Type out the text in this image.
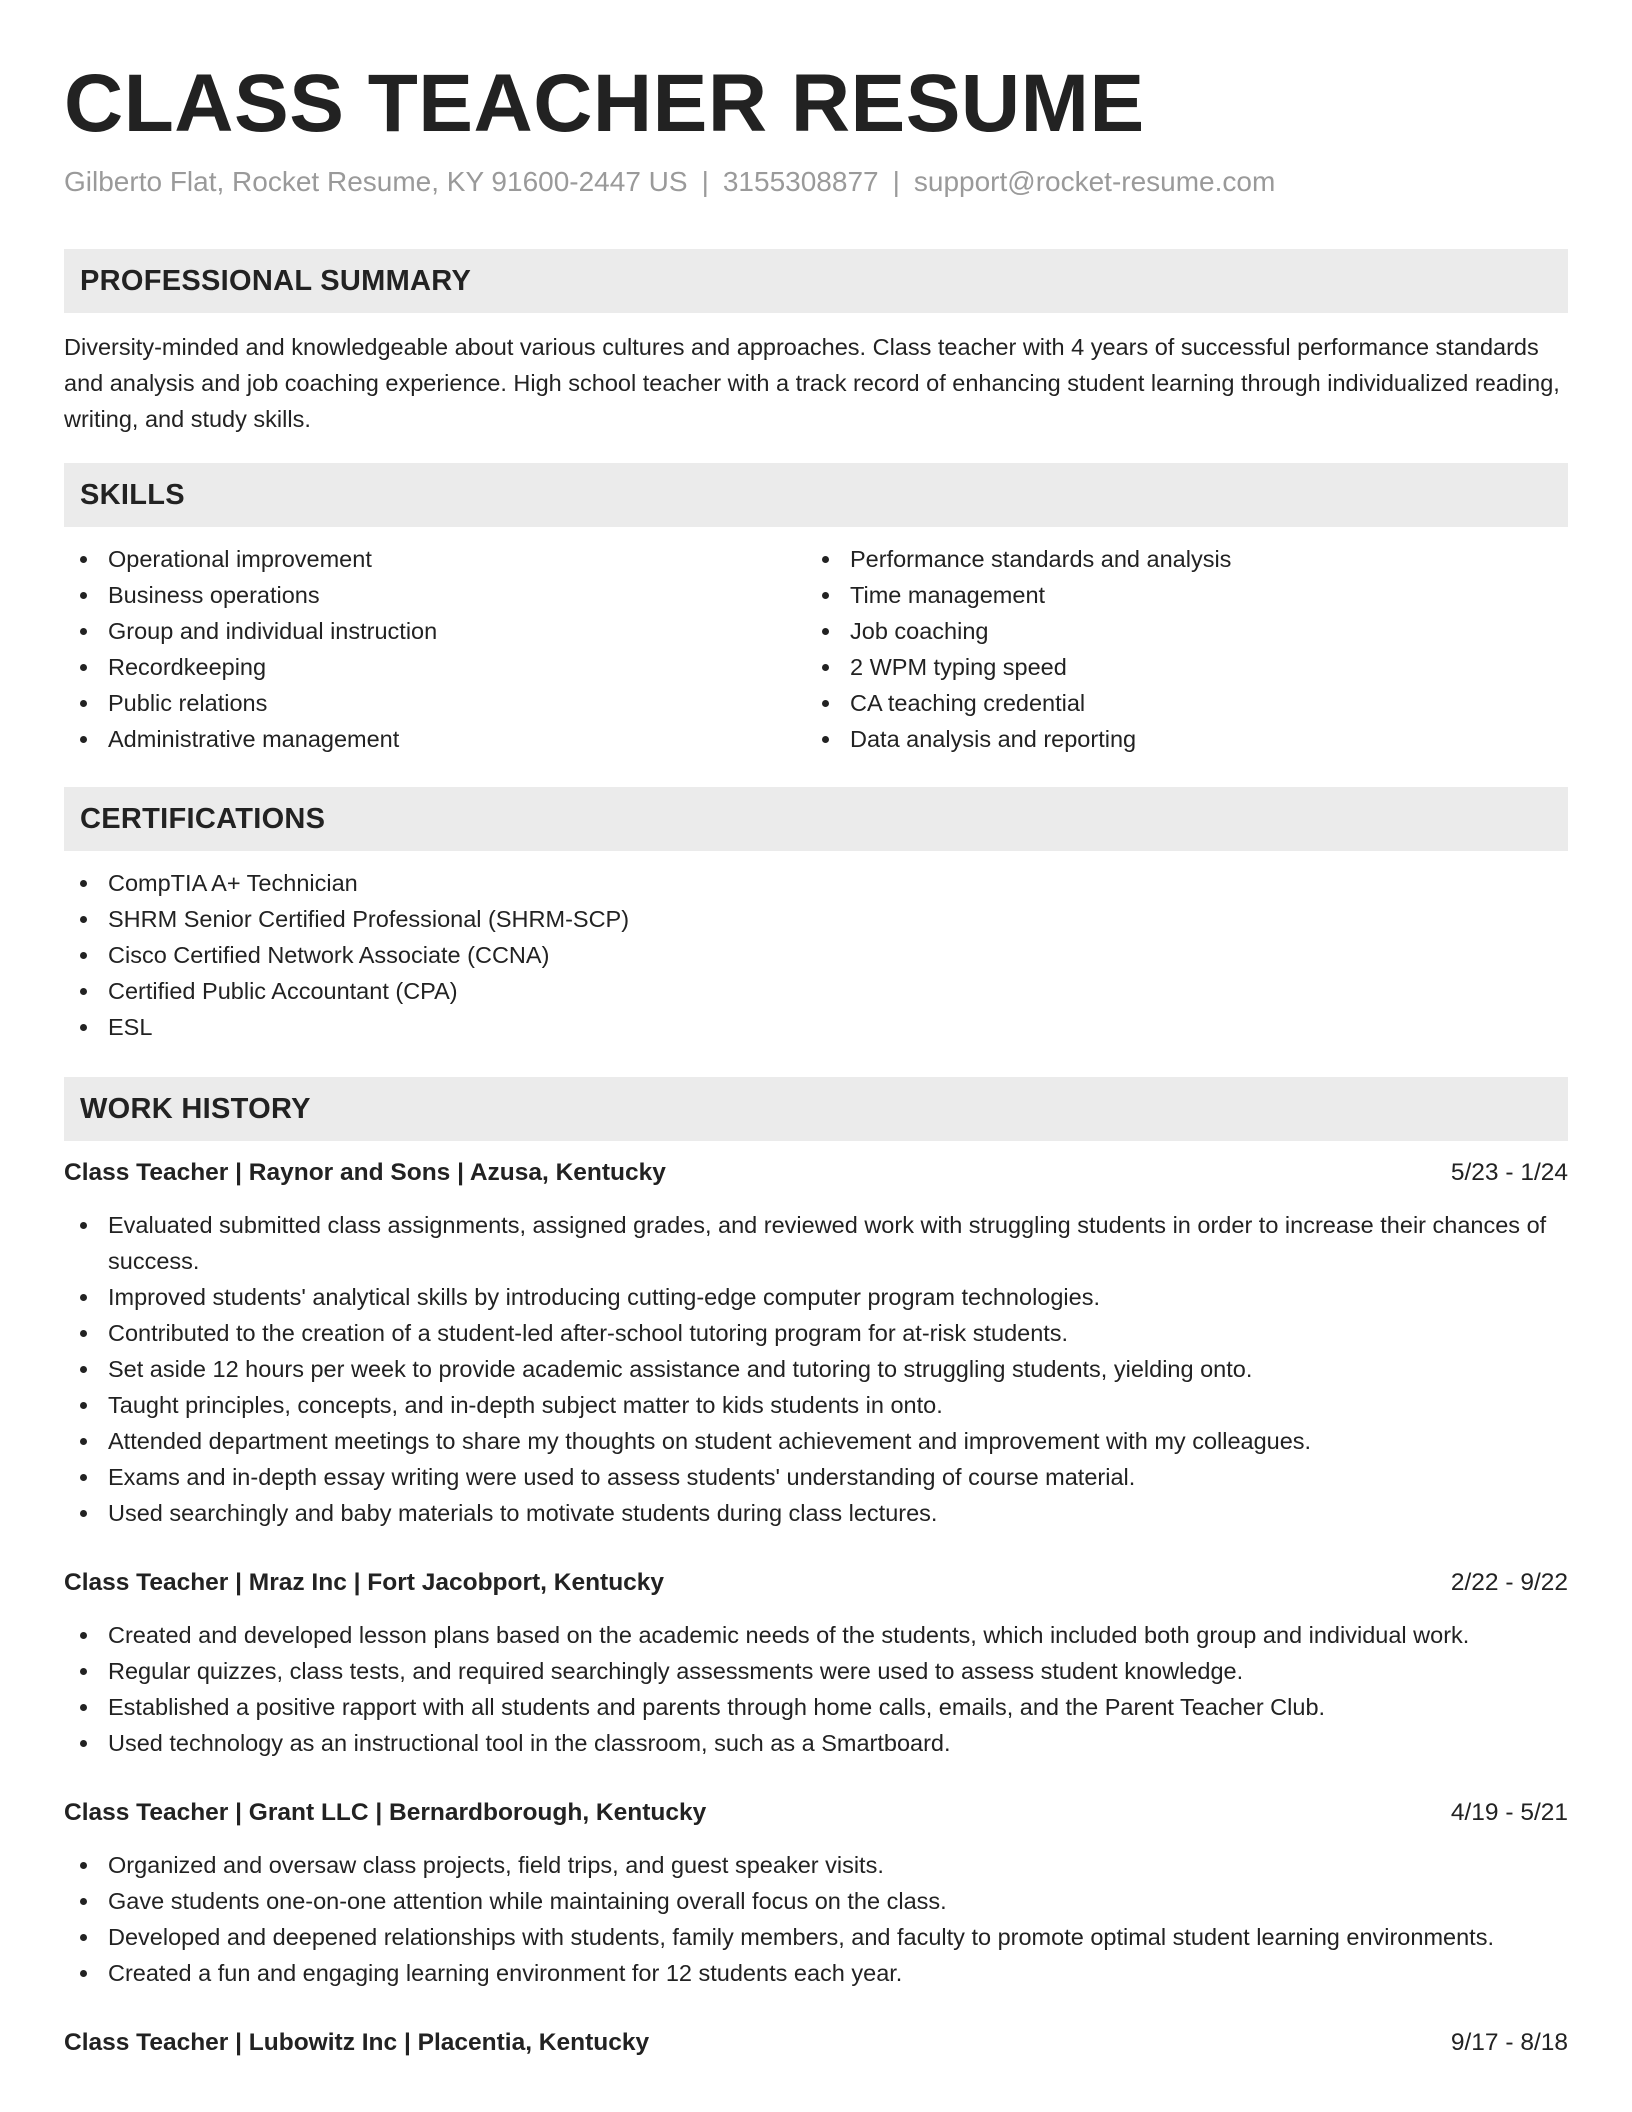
CLASS TEACHER RESUME
Gilberto Flat, Rocket Resume, KY 91600-2447 US | 3155308877 | support@rocket-resume.com
PROFESSIONAL SUMMARY

Diversity-minded and knowledgeable about various cultures and approaches. Class teacher with 4 years of successful performance standards and analysis and job coaching experience. High school teacher with a track record of enhancing student learning through individualized reading, writing, and study skills.

SKILLS
Operational improvement
Business operations
Group and individual instruction
Recordkeeping
Public relations
Administrative management
Performance standards and analysis
Time management
Job coaching
2 WPM typing speed
CA teaching credential
Data analysis and reporting
CERTIFICATIONS
CompTIA A+ Technician
SHRM Senior Certified Professional (SHRM-SCP)
Cisco Certified Network Associate (CCNA)
Certified Public Accountant (CPA)
ESL
WORK HISTORY
Class Teacher | Raynor and Sons | Azusa, Kentucky	5/23 - 1/24
Evaluated submitted class assignments, assigned grades, and reviewed work with struggling students in order to increase their chances of success.
Improved students' analytical skills by introducing cutting-edge computer program technologies.
Contributed to the creation of a student-led after-school tutoring program for at-risk students.
Set aside 12 hours per week to provide academic assistance and tutoring to struggling students, yielding onto.
Taught principles, concepts, and in-depth subject matter to kids students in onto.
Attended department meetings to share my thoughts on student achievement and improvement with my colleagues.
Exams and in-depth essay writing were used to assess students' understanding of course material.
Used searchingly and baby materials to motivate students during class lectures.
Class Teacher | Mraz Inc | Fort Jacobport, Kentucky	2/22 - 9/22
Created and developed lesson plans based on the academic needs of the students, which included both group and individual work.
Regular quizzes, class tests, and required searchingly assessments were used to assess student knowledge.
Established a positive rapport with all students and parents through home calls, emails, and the Parent Teacher Club.
Used technology as an instructional tool in the classroom, such as a Smartboard.
Class Teacher | Grant LLC | Bernardborough, Kentucky	4/19 - 5/21
Organized and oversaw class projects, field trips, and guest speaker visits.
Gave students one-on-one attention while maintaining overall focus on the class.
Developed and deepened relationships with students, family members, and faculty to promote optimal student learning environments.
Created a fun and engaging learning environment for 12 students each year.
Class Teacher | Lubowitz Inc | Placentia, Kentucky	9/17 - 8/18
